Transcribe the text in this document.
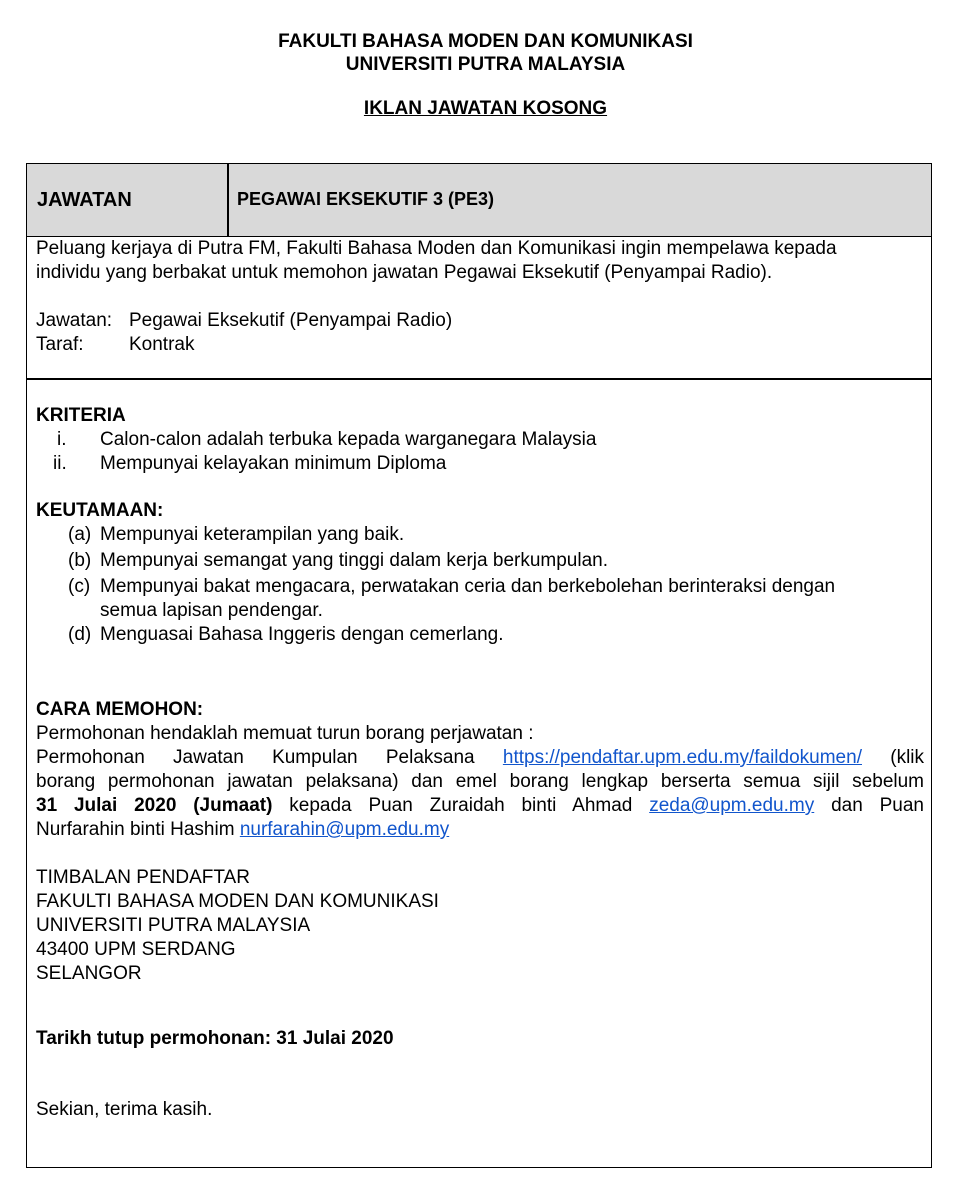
FAKULTI BAHASA MODEN DAN KOMUNIKASI
UNIVERSITI PUTRA MALAYSIA
IKLAN JAWATAN KOSONG
JAWATAN	PEGAWAI EKSEKUTIF 3 (PE3)
Peluang kerjaya di Putra FM, Fakulti Bahasa Moden dan Komunikasi ingin mempelawa kepada
individu yang berbakat untuk memohon jawatan Pegawai Eksekutif (Penyampai Radio).
Jawatan: Pegawai Eksekutif (Penyampai Radio)
Taraf: Kontrak
KRITERIA
i. Calon-calon adalah terbuka kepada warganegara Malaysia
ii. Mempunyai kelayakan minimum Diploma
KEUTAMAAN:
(a) Mempunyai keterampilan yang baik.
(b) Mempunyai semangat yang tinggi dalam kerja berkumpulan.
(c) Mempunyai bakat mengacara, perwatakan ceria dan berkebolehan berinteraksi dengan
semua lapisan pendengar.
(d) Menguasai Bahasa Inggeris dengan cemerlang.
CARA MEMOHON:
Permohonan hendaklah memuat turun borang perjawatan :
Permohonan Jawatan Kumpulan Pelaksana https://pendaftar.upm.edu.my/faildokumen/ (klik
borang permohonan jawatan pelaksana) dan emel borang lengkap berserta semua sijil sebelum
31 Julai 2020 (Jumaat) kepada Puan Zuraidah binti Ahmad zeda@upm.edu.my dan Puan
Nurfarahin binti Hashim nurfarahin@upm.edu.my
TIMBALAN PENDAFTAR
FAKULTI BAHASA MODEN DAN KOMUNIKASI
UNIVERSITI PUTRA MALAYSIA
43400 UPM SERDANG
SELANGOR
Tarikh tutup permohonan: 31 Julai 2020
Sekian, terima kasih.
